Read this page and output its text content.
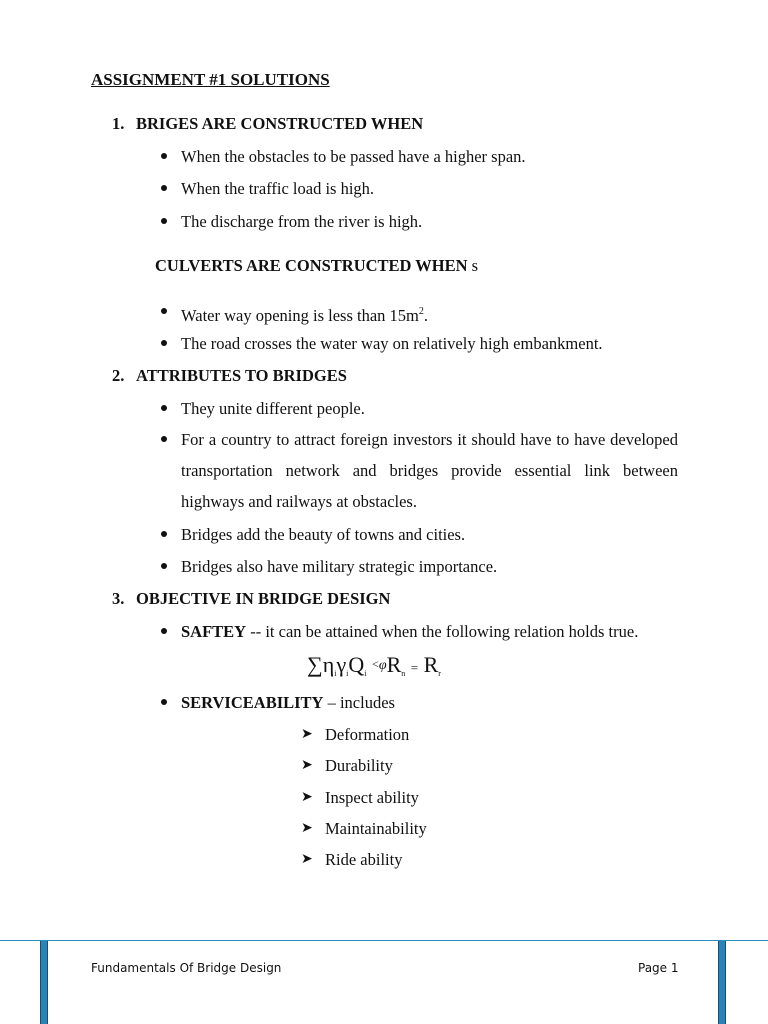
ASSIGNMENT #1 SOLUTIONS
1. BRIGES ARE CONSTRUCTED WHEN
When the obstacles to be passed have a higher span.
When the traffic load is high.
The discharge from the river is high.
CULVERTS ARE CONSTRUCTED WHEN s
Water way opening is less than $15m^2$.
The road crosses the water way on relatively high embankment.
2. ATTRIBUTES TO BRIDGES
They unite different people.
For a country to attract foreign investors it should have to have developed transportation network and bridges provide essential link between highways and railways at obstacles.
Bridges add the beauty of towns and cities.
Bridges also have military strategic importance.
3. OBJECTIVE IN BRIDGE DESIGN
SAFTEY -- it can be attained when the following relation holds true.
$\sum\eta_i\gamma_iQ_i <\varphi R_n = R_r$
SERVICEABILITY – includes
➤ Deformation
➤ Durability
➤ Inspect ability
➤ Maintainability
➤ Ride ability
Fundamentals Of Bridge Design	Page 1
